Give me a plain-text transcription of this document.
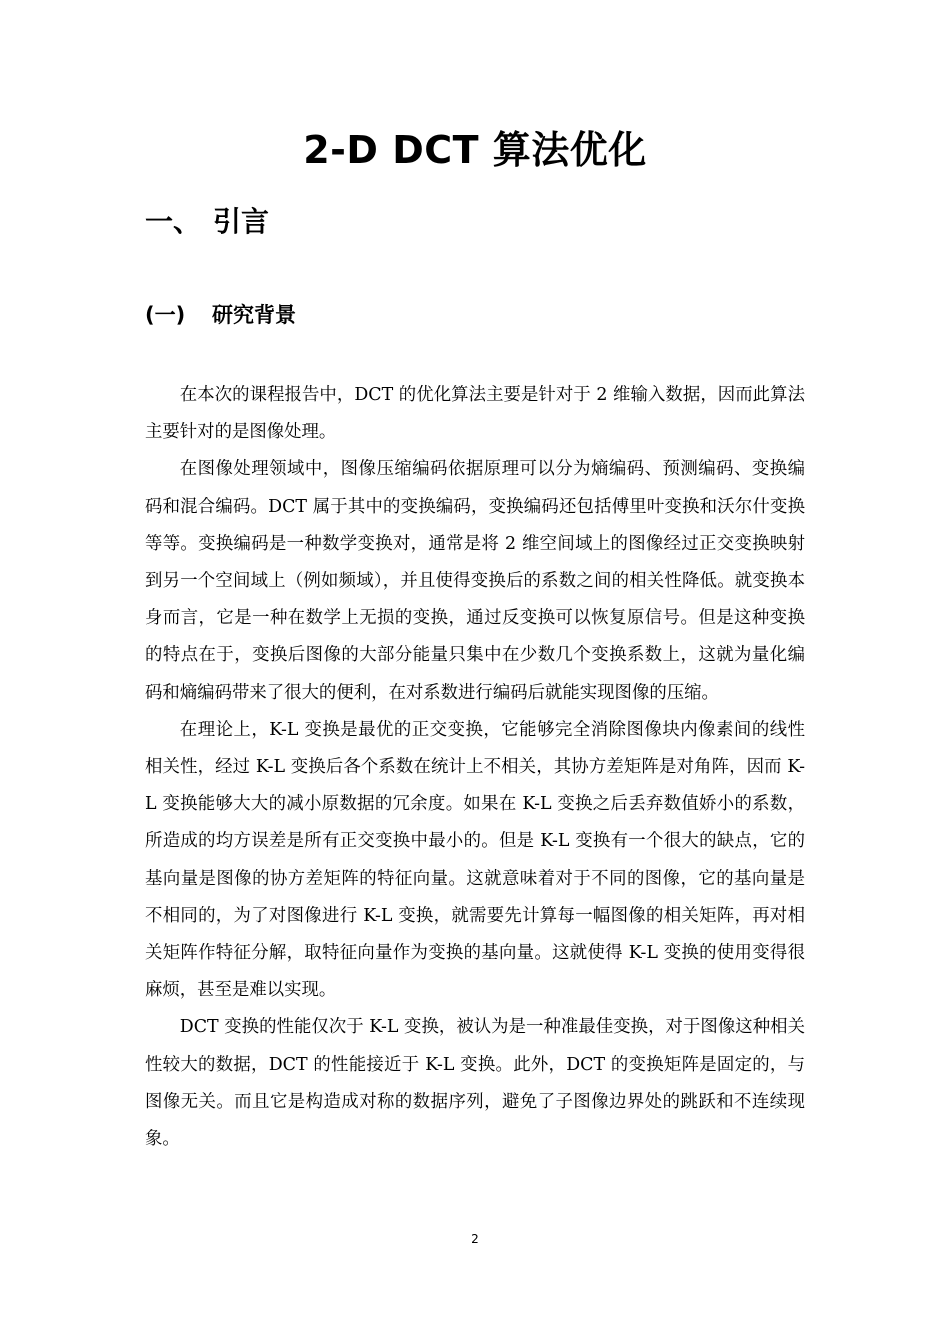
2-D DCT 算法优化
一、 引言
(一) 研究背景

在本次的课程报告中，DCT 的优化算法主要是针对于 2 维输入数据，因而此算法主要针对的是图像处理。

在图像处理领域中，图像压缩编码依据原理可以分为熵编码、预测编码、变换编码和混合编码。DCT 属于其中的变换编码，变换编码还包括傅里叶变换和沃尔什变换等等。变换编码是一种数学变换对，通常是将 2 维空间域上的图像经过正交变换映射到另一个空间域上（例如频域），并且使得变换后的系数之间的相关性降低。就变换本身而言，它是一种在数学上无损的变换，通过反变换可以恢复原信号。但是这种变换的特点在于，变换后图像的大部分能量只集中在少数几个变换系数上，这就为量化编码和熵编码带来了很大的便利，在对系数进行编码后就能实现图像的压缩。

在理论上，K-L 变换是最优的正交变换，它能够完全消除图像块内像素间的线性相关性，经过 K-L 变换后各个系数在统计上不相关，其协方差矩阵是对角阵，因而 K-L 变换能够大大的减小原数据的冗余度。如果在 K-L 变换之后丢弃数值娇小的系数，所造成的均方误差是所有正交变换中最小的。但是 K-L 变换有一个很大的缺点，它的基向量是图像的协方差矩阵的特征向量。这就意味着对于不同的图像，它的基向量是不相同的，为了对图像进行 K-L 变换，就需要先计算每一幅图像的相关矩阵，再对相关矩阵作特征分解，取特征向量作为变换的基向量。这就使得 K-L 变换的使用变得很麻烦，甚至是难以实现。

DCT 变换的性能仅次于 K-L 变换，被认为是一种准最佳变换，对于图像这种相关性较大的数据，DCT 的性能接近于 K-L 变换。此外，DCT 的变换矩阵是固定的，与图像无关。而且它是构造成对称的数据序列，避免了子图像边界处的跳跃和不连续现象。

2
